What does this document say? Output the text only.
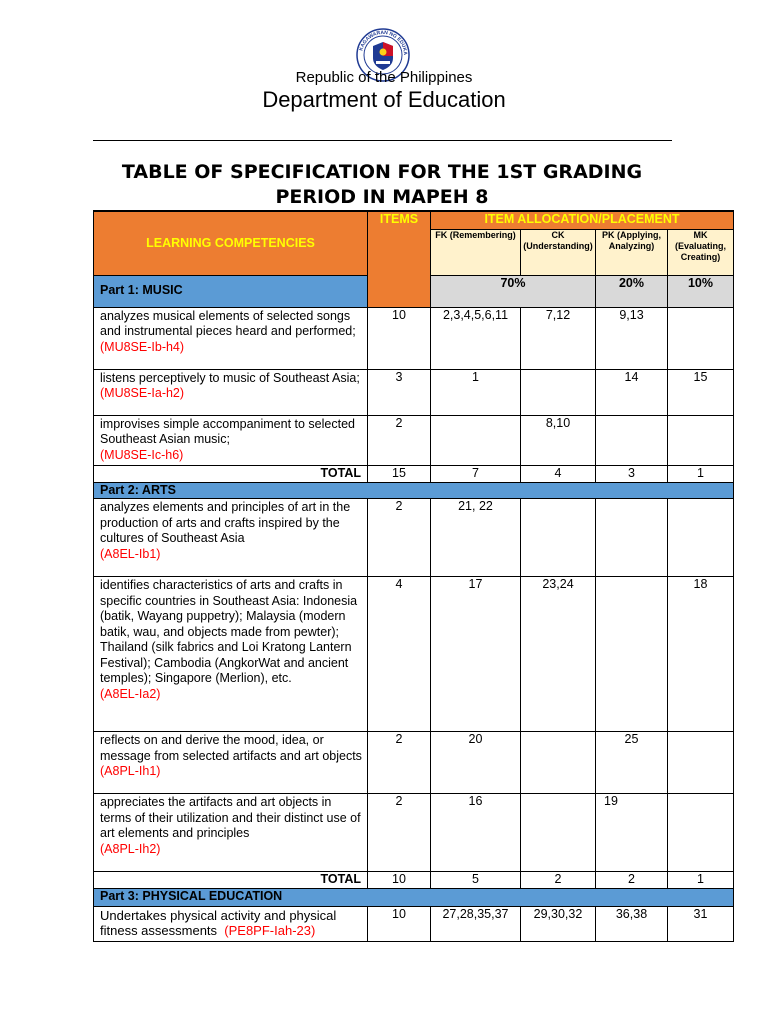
KAGAWARAN NG EDUKA
Republic of the Philippines
Department of Education
TABLE OF SPECIFICATION FOR THE 1ST GRADING PERIOD IN MAPEH 8
LEARNING COMPETENCIES	ITEMS	ITEM ALLOCATION/PLACEMENT			
		FK (Remembering)	CK (Understanding)	PK (Applying, Analyzing)	MK (Evaluating, Creating)
Part 1: MUSIC		70%		20%	10%

analyzes musical elements of selected songs and instrumental pieces heard and performed;
(MU8SE-Ib-h4)	10	2,3,4,5,6,11	7,12	9,13	
listens perceptively to music of Southeast Asia;
(MU8SE-Ia-h2)	3	1		14	15
improvises simple accompaniment to selected Southeast Asian music;
(MU8SE-Ic-h6)	2		8,10		
TOTAL	15	7	4	3	1
Part 2: ARTS					
analyzes elements and principles of art in the production of arts and crafts inspired by the cultures of Southeast Asia
(A8EL-Ib1)	2	21, 22			
identifies characteristics of arts and crafts in specific countries in Southeast Asia: Indonesia (batik, Wayang puppetry); Malaysia (modern batik, wau, and objects made from pewter); Thailand (silk fabrics and Loi Kratong Lantern Festival); Cambodia (AngkorWat and ancient temples); Singapore (Merlion), etc.
(A8EL-Ia2)	4	17	23,24		18
reflects on and derive the mood, idea, or message from selected artifacts and art objects
(A8PL-Ih1)	2	20		25	
appreciates the artifacts and art objects in terms of their utilization and their distinct use of art elements and principles
(A8PL-Ih2)	2	16		19	
TOTAL	10	5	2	2	1
Part 3: PHYSICAL EDUCATION					
Undertakes physical activity and physical fitness assessments (PE8PF-Iah-23)	10	27,28,35,37	29,30,32	36,38	31
